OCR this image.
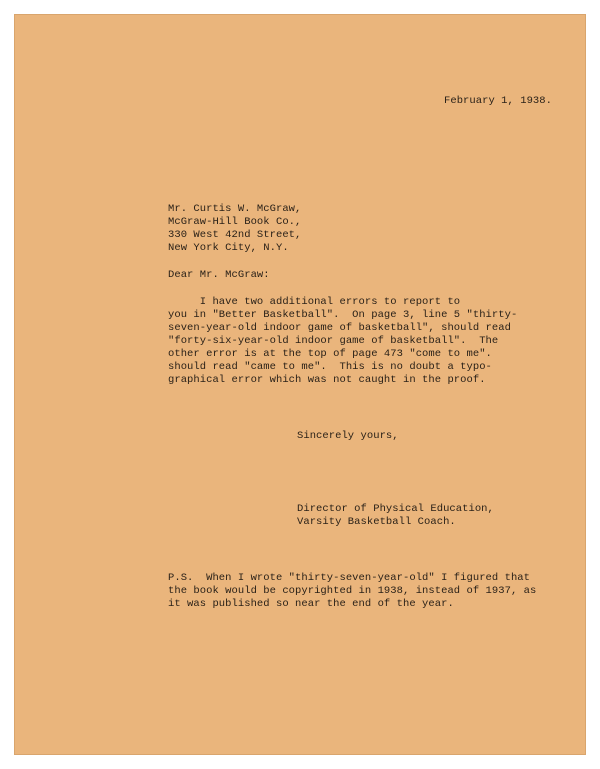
February 1, 1938.
Mr. Curtis W. McGraw,
McGraw-Hill Book Co.,
330 West 42nd Street,
New York City, N.Y.
Dear Mr. McGraw:
I have two additional errors to report to
you in "Better Basketball".  On page 3, line 5 "thirty-
seven-year-old indoor game of basketball", should read
"forty-six-year-old indoor game of basketball".  The
other error is at the top of page 473 "come to me".
should read "came to me".  This is no doubt a typo-
graphical error which was not caught in the proof.
Sincerely yours,
Director of Physical Education,
Varsity Basketball Coach.
P.S.  When I wrote "thirty-seven-year-old" I figured that
the book would be copyrighted in 1938, instead of 1937, as
it was published so near the end of the year.
